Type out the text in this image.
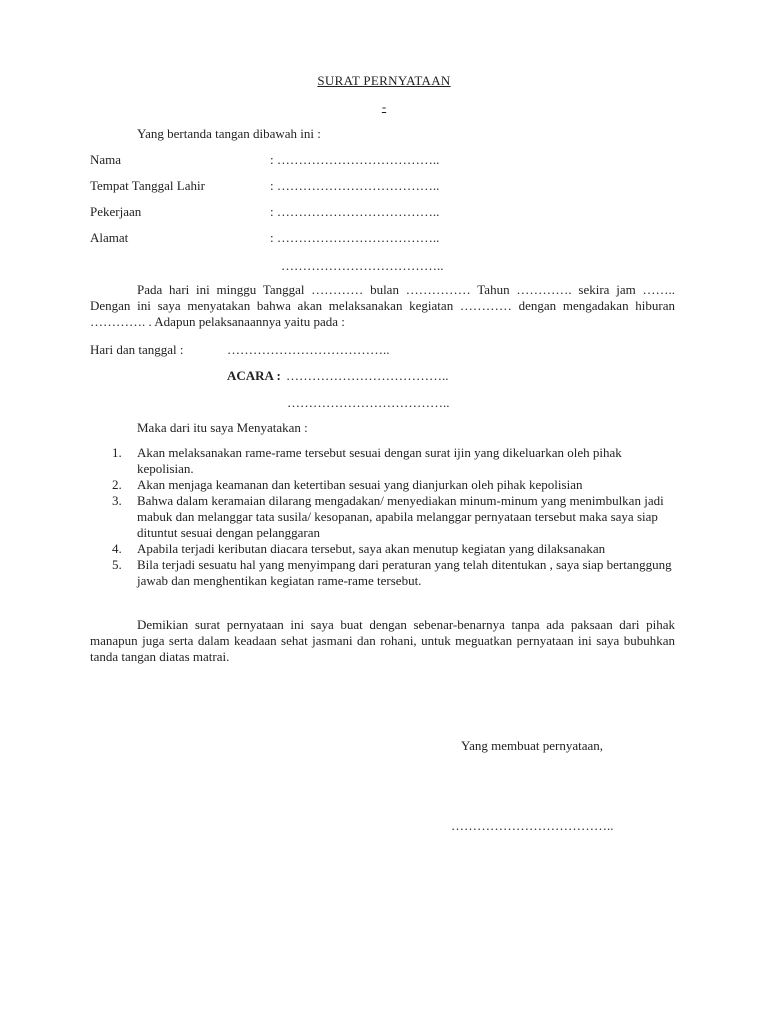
SURAT PERNYATAAN
-
Yang bertanda tangan dibawah ini :
Nama	: ………………………………..
Tempat Tanggal Lahir	: ………………………………..
Pekerjaan	: ………………………………..
Alamat	: ………………………………..
………………………………..
Pada hari ini minggu Tanggal ………… bulan …………… Tahun …………. sekira jam …….. Dengan ini saya menyatakan bahwa akan melaksanakan kegiatan ………… dengan mengadakan hiburan …………. . Adapun pelaksanaannya yaitu pada :
Hari dan tanggal :	………………………………..
ACARA : ………………………………..
………………………………..
Maka dari itu saya Menyatakan :
1. Akan melaksanakan rame-rame tersebut sesuai dengan surat ijin yang dikeluarkan oleh pihak kepolisian.
2. Akan menjaga keamanan dan ketertiban sesuai yang dianjurkan oleh pihak kepolisian
3. Bahwa dalam keramaian dilarang mengadakan/ menyediakan minum-minum yang menimbulkan jadi mabuk dan melanggar tata susila/ kesopanan, apabila melanggar pernyataan tersebut maka saya siap dituntut sesuai dengan pelanggaran
4. Apabila terjadi keributan diacara tersebut, saya akan menutup kegiatan yang dilaksanakan
5. Bila terjadi sesuatu hal yang menyimpang dari peraturan yang telah ditentukan , saya siap bertanggung jawab dan menghentikan kegiatan rame-rame tersebut.
Demikian surat pernyataan ini saya buat dengan sebenar-benarnya tanpa ada paksaan dari pihak manapun juga serta dalam keadaan sehat jasmani dan rohani, untuk meguatkan pernyataan ini saya bubuhkan tanda tangan diatas matrai.
Yang membuat pernyataan,
………………………………..
